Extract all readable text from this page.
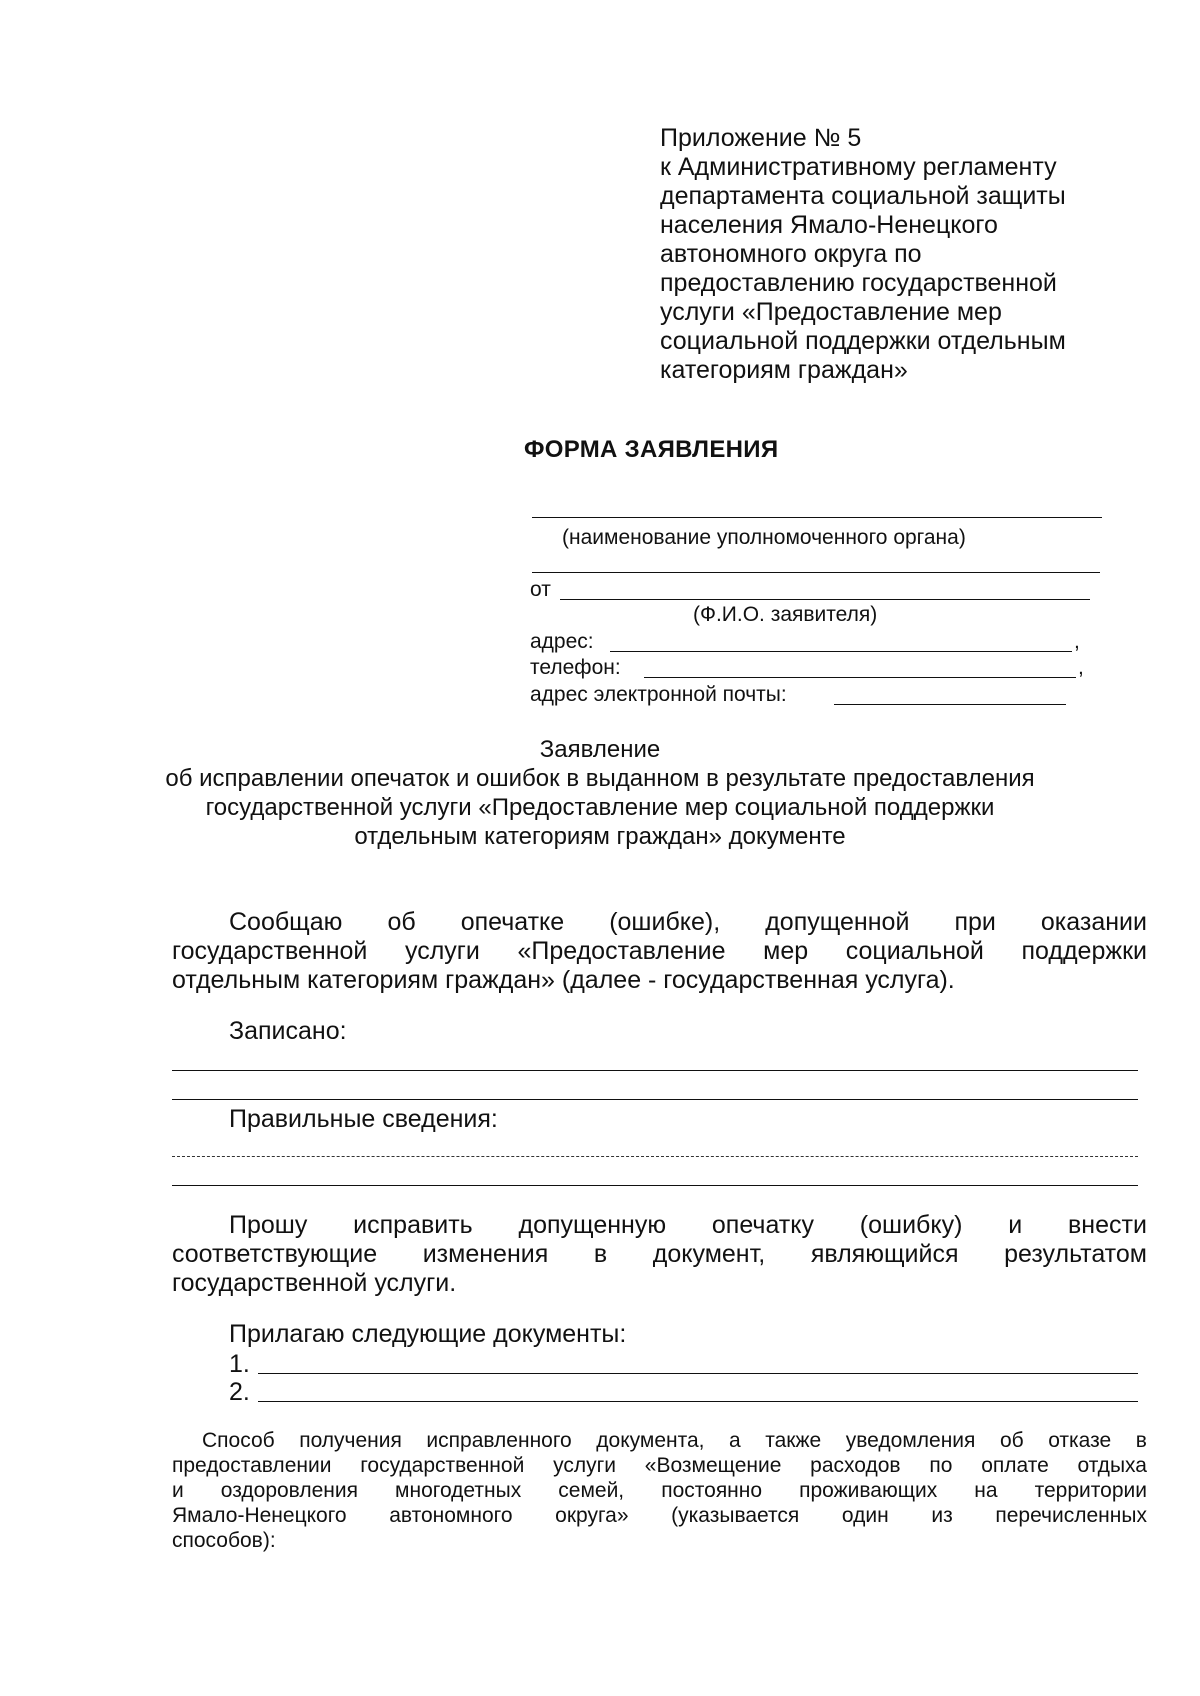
Приложение № 5
к Административному регламенту
департамента социальной защиты
населения Ямало-Ненецкого
автономного округа по
предоставлению государственной
услуги «Предоставление мер
социальной поддержки отдельным
категориям граждан»
ФОРМА ЗАЯВЛЕНИЯ
(наименование уполномоченного органа)
от
(Ф.И.О. заявителя)
адрес:	,
телефон:	,
адрес электронной почты:
Заявление
об исправлении опечаток и ошибок в выданном в результате предоставления
государственной услуги «Предоставление мер социальной поддержки
отдельным категориям граждан» документе
Сообщаю об опечатке (ошибке), допущенной при оказании
государственной услуги «Предоставление мер социальной поддержки
отдельным категориям граждан» (далее - государственная услуга).
Записано:
Правильные сведения:
Прошу исправить допущенную опечатку (ошибку) и внести
соответствующие изменения в документ, являющийся результатом
государственной услуги.
Прилагаю следующие документы:
1.
2.
Способ получения исправленного документа, а также уведомления об отказе в
предоставлении государственной услуги «Возмещение расходов по оплате отдыха
и оздоровления многодетных семей, постоянно проживающих на территории
Ямало-Ненецкого автономного округа» (указывается один из перечисленных
способов):
